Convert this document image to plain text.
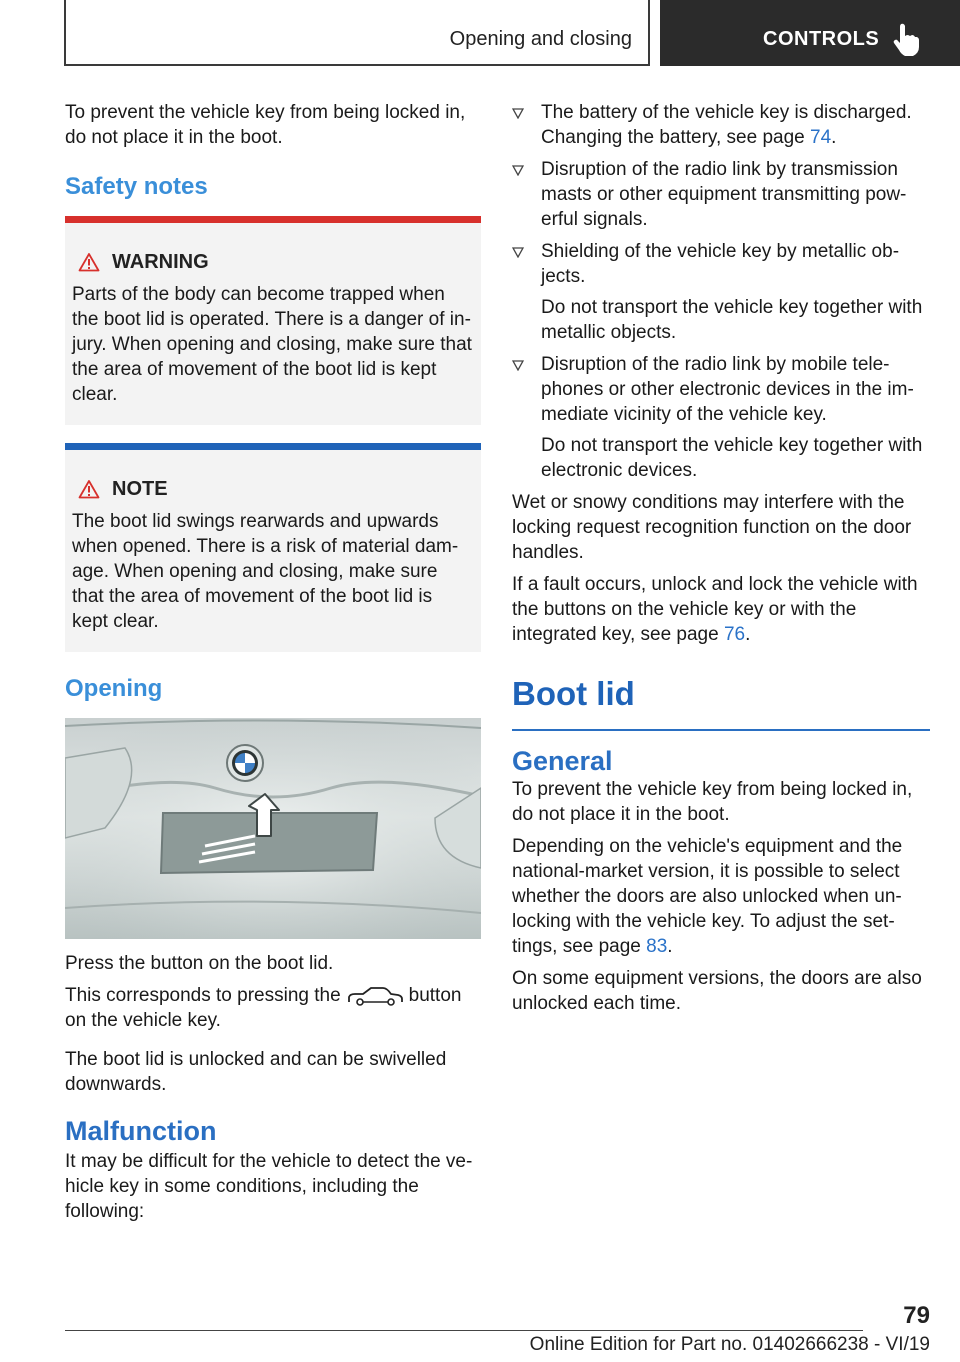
Opening and closing	CONTROLS

To prevent the vehicle key from being locked in, do not place it in the boot.

Safety notes
WARNING

Parts of the body can become trapped when the boot lid is operated. There is a danger of in-jury. When opening and closing, make sure that the area of movement of the boot lid is kept clear.

NOTE

The boot lid swings rearwards and upwards when opened. There is a risk of material dam-age. When opening and closing, make sure that the area of movement of the boot lid is kept clear.

Opening

Press the button on the boot lid.

This corresponds to pressing the	button on the vehicle key.

The boot lid is unlocked and can be swivelled downwards.

Malfunction

It may be difficult for the vehicle to detect the ve-hicle key in some conditions, including the following:

The battery of the vehicle key is discharged. Changing the battery, see page 74.

Disruption of the radio link by transmission masts or other equipment transmitting pow-erful signals.

Shielding of the vehicle key by metallic ob-jects.

Do not transport the vehicle key together with metallic objects.

Disruption of the radio link by mobile tele-phones or other electronic devices in the im-mediate vicinity of the vehicle key.

Do not transport the vehicle key together with electronic devices.

Wet or snowy conditions may interfere with the locking request recognition function on the door handles.

If a fault occurs, unlock and lock the vehicle with the buttons on the vehicle key or with the integrated key, see page 76.

Boot lid
General

To prevent the vehicle key from being locked in, do not place it in the boot.

Depending on the vehicle's equipment and the national-market version, it is possible to select whether the doors are also unlocked when un-locking with the vehicle key. To adjust the set-tings, see page 83.

On some equipment versions, the doors are also unlocked each time.

79
Online Edition for Part no. 01402666238 - VI/19
